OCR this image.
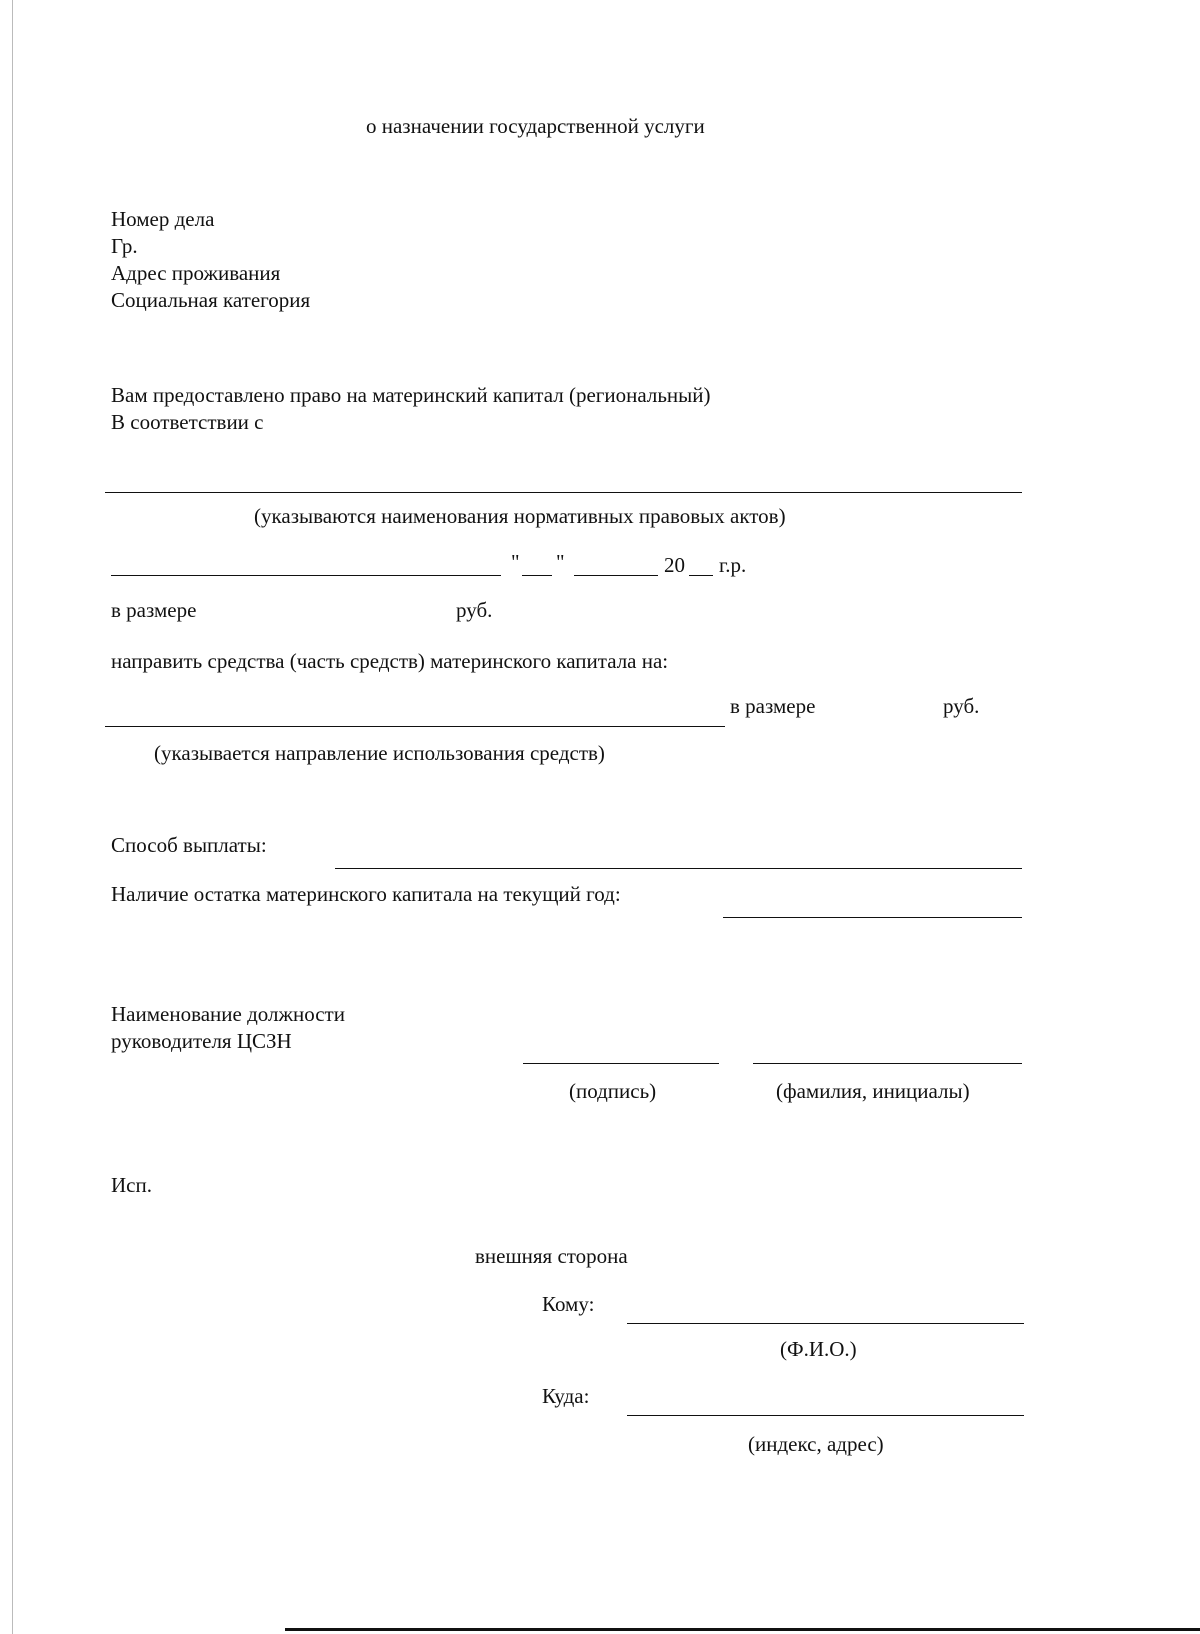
о назначении государственной услуги
Номер дела
Гр.
Адрес проживания
Социальная категория
Вам предоставлено право на материнский капитал (региональный)
В соответствии с
(указываются наименования нормативных правовых актов)
" "	20 г.р.
в размере	руб.
направить средства (часть средств) материнского капитала на:
в размере	руб.
(указывается направление использования средств)
Способ выплаты:
Наличие остатка материнского капитала на текущий год:
Наименование должности
руководителя ЦСЗН
(подпись)	(фамилия, инициалы)
Исп.
внешняя сторона
Кому:
(Ф.И.О.)
Куда:
(индекс, адрес)
